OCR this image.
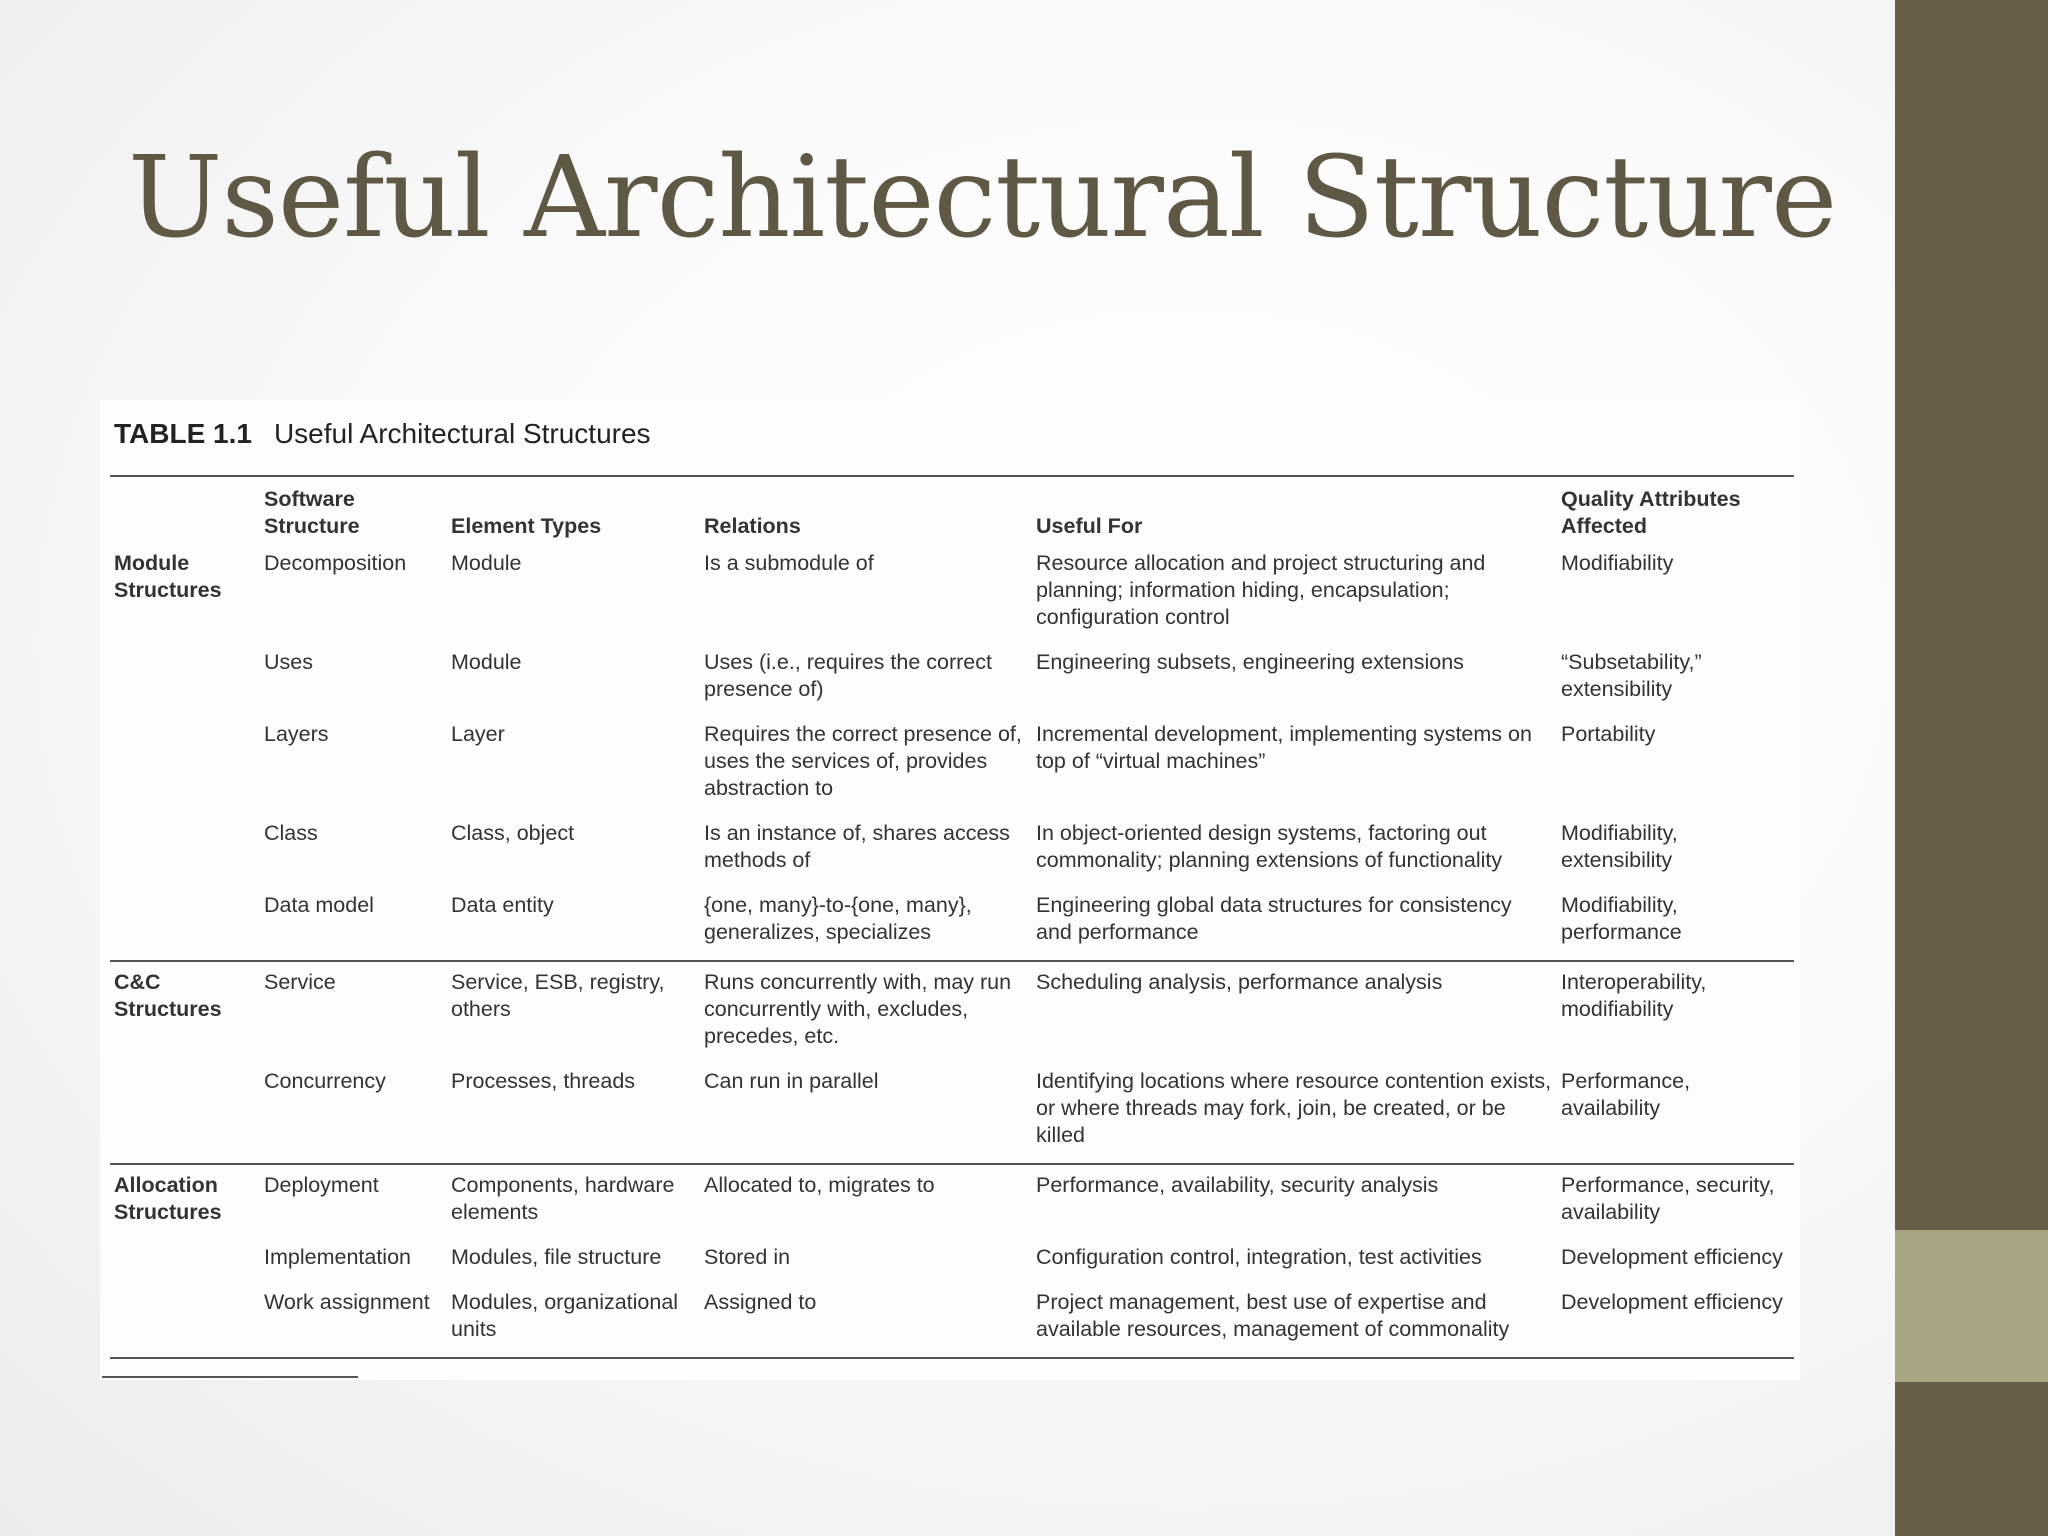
Useful Architectural Structure
TABLE 1.1 Useful Architectural Structures
	Software Structure	Element Types	Relations	Useful For	Quality Attributes Affected
Module Structures	Decomposition	Module	Is a submodule of	Resource allocation and project structuring and planning; information hiding, encapsulation; configuration control	Modifiability
	Uses	Module	Uses (i.e., requires the correct presence of)	Engineering subsets, engineering extensions	“Subsetability,” extensibility
	Layers	Layer	Requires the correct presence of, uses the services of, provides abstraction to	Incremental development, implementing systems on top of “virtual machines”	Portability
	Class	Class, object	Is an instance of, shares access methods of	In object-oriented design systems, factoring out commonality; planning extensions of functionality	Modifiability, extensibility
	Data model	Data entity	{one, many}-to-{one, many}, generalizes, specializes	Engineering global data structures for consistency and performance	Modifiability, performance
C&C Structures	Service	Service, ESB, registry, others	Runs concurrently with, may run concurrently with, excludes, precedes, etc.	Scheduling analysis, performance analysis	Interoperability, modifiability
	Concurrency	Processes, threads	Can run in parallel	Identifying locations where resource contention exists, or where threads may fork, join, be created, or be killed	Performance, availability
Allocation Structures	Deployment	Components, hardware elements	Allocated to, migrates to	Performance, availability, security analysis	Performance, security, availability
	Implementation	Modules, file structure	Stored in	Configuration control, integration, test activities	Development efficiency
	Work assignment	Modules, organizational units	Assigned to	Project management, best use of expertise and available resources, management of commonality	Development efficiency
